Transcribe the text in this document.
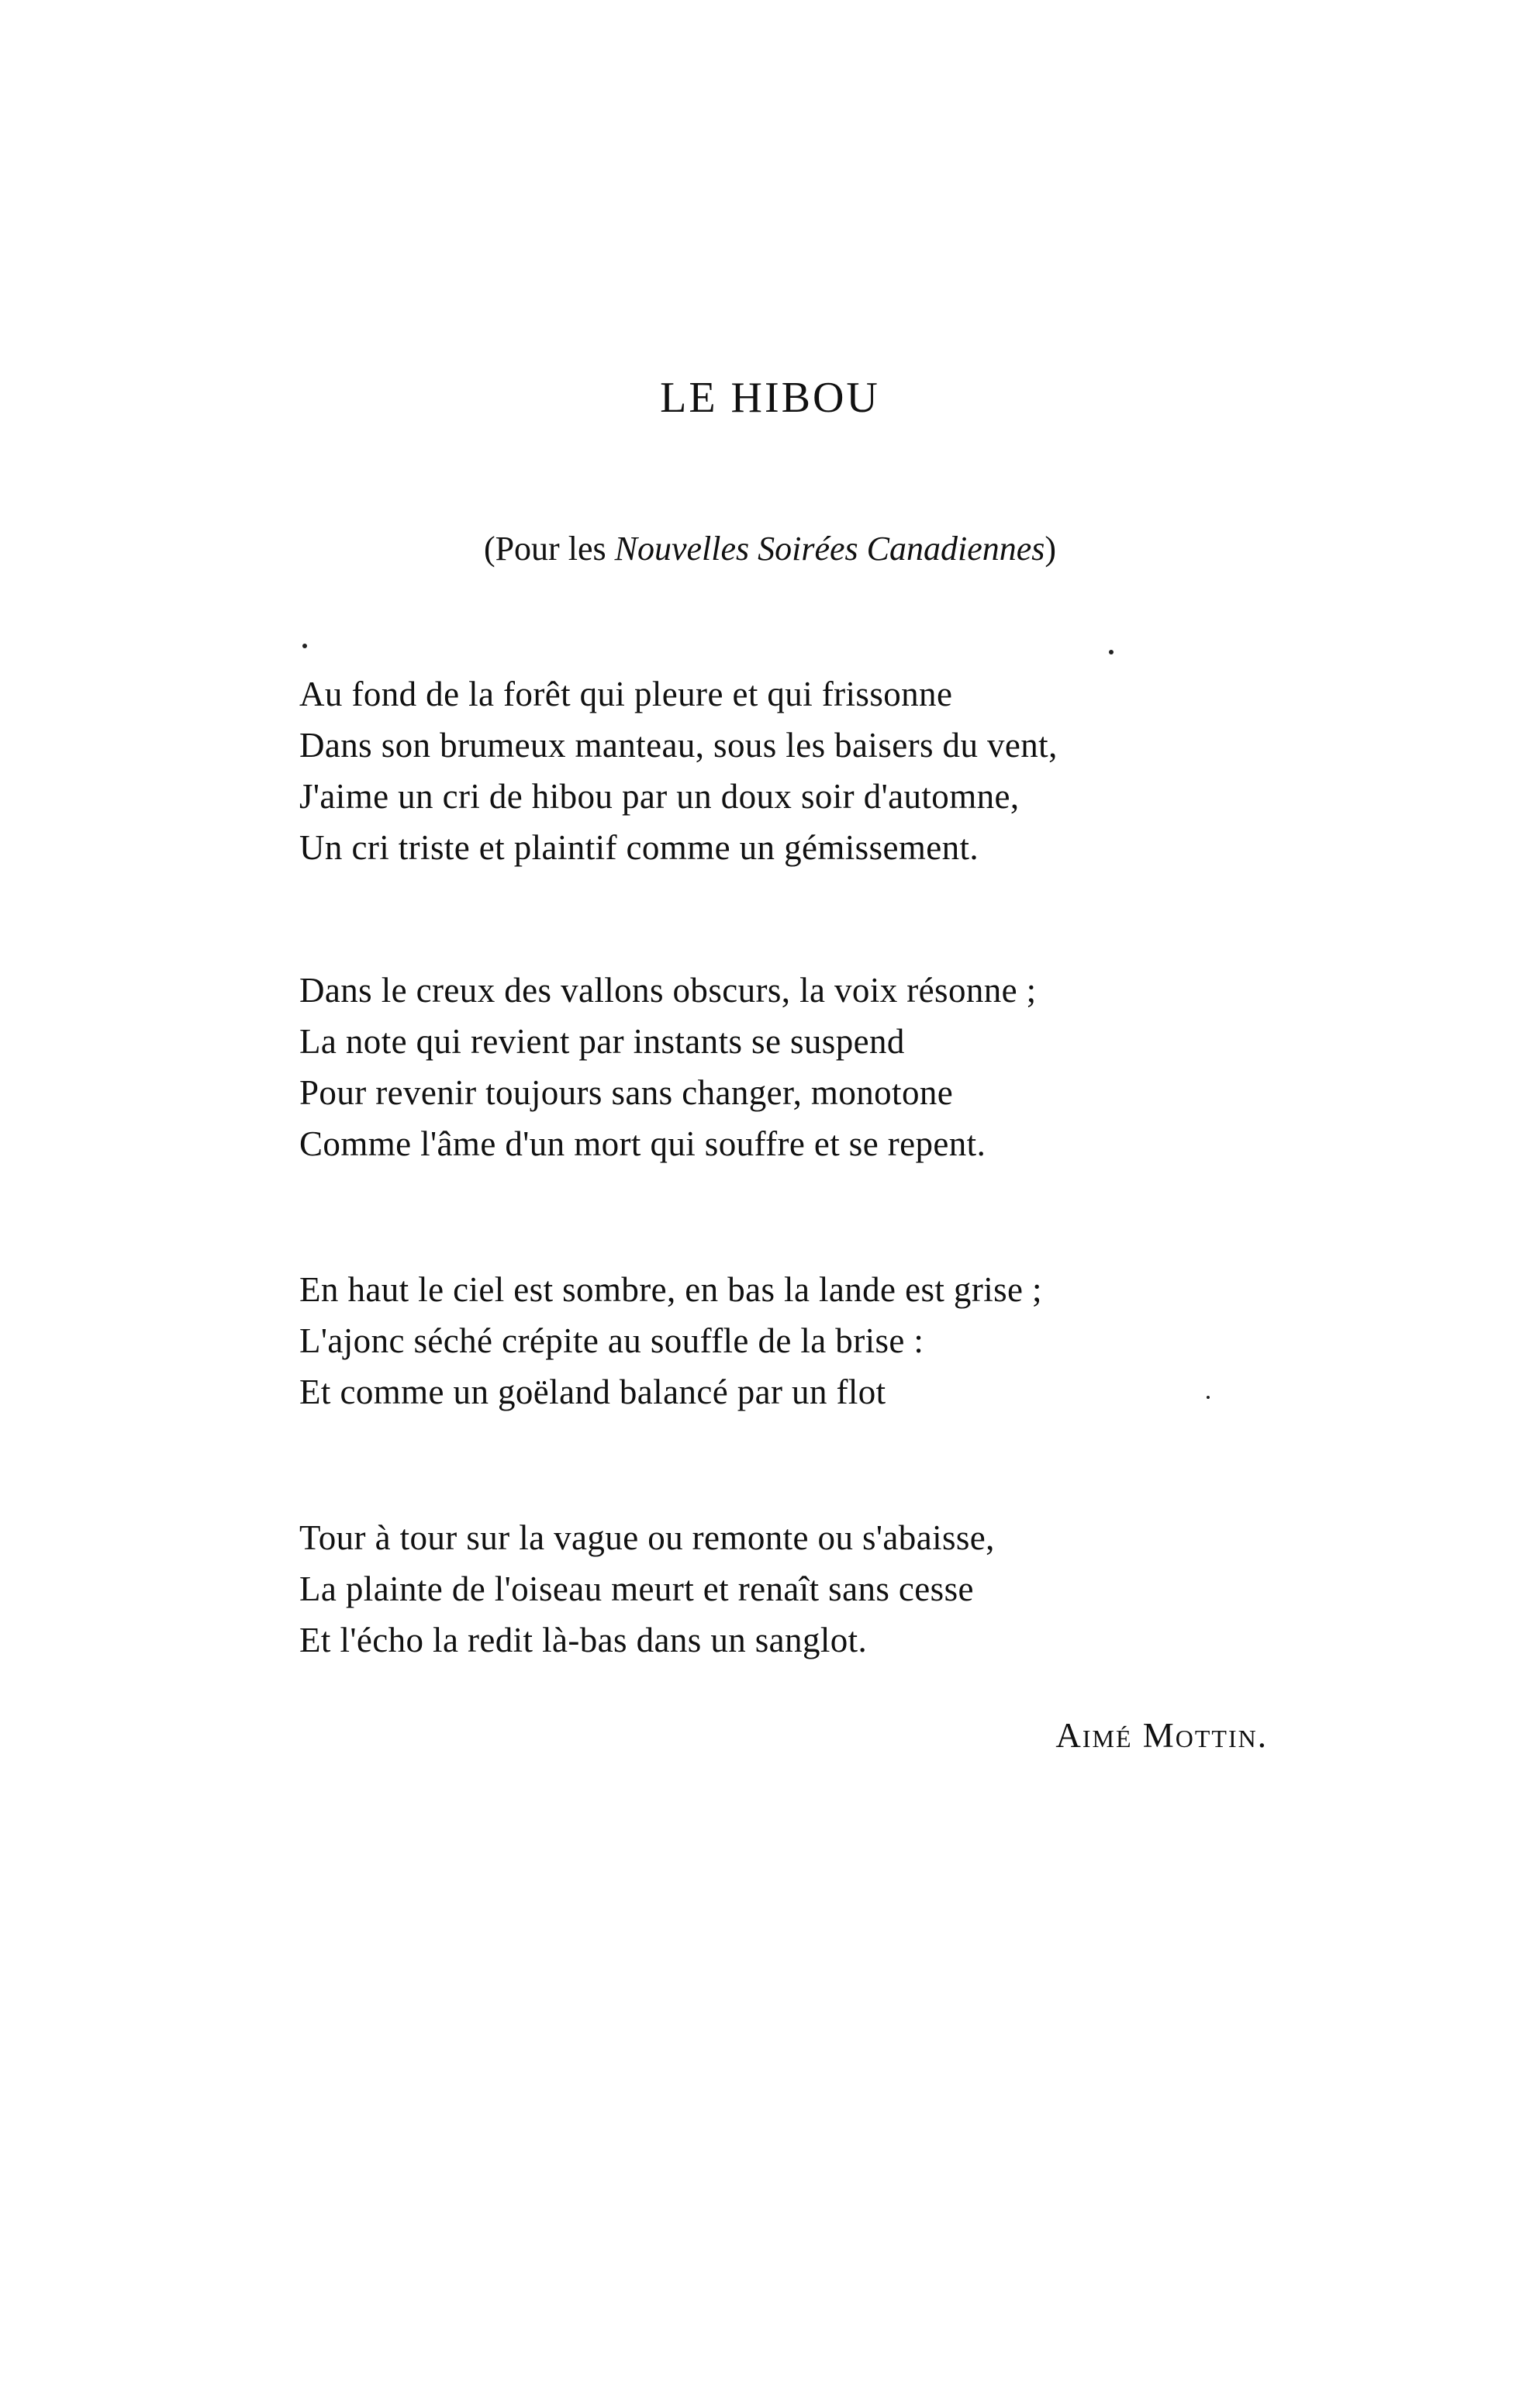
LE HIBOU
(Pour les Nouvelles Soirées Canadiennes)
Au fond de la forêt qui pleure et qui frissonne
Dans son brumeux manteau, sous les baisers du vent,
J'aime un cri de hibou par un doux soir d'automne,
Un cri triste et plaintif comme un gémissement.
Dans le creux des vallons obscurs, la voix résonne ;
La note qui revient par instants se suspend
Pour revenir toujours sans changer, monotone
Comme l'âme d'un mort qui souffre et se repent.
En haut le ciel est sombre, en bas la lande est grise ;
L'ajonc séché crépite au souffle de la brise :
Et comme un goëland balancé par un flot
Tour à tour sur la vague ou remonte ou s'abaisse,
La plainte de l'oiseau meurt et renaît sans cesse
Et l'écho la redit là-bas dans un sanglot.
Aimé Mottin.
